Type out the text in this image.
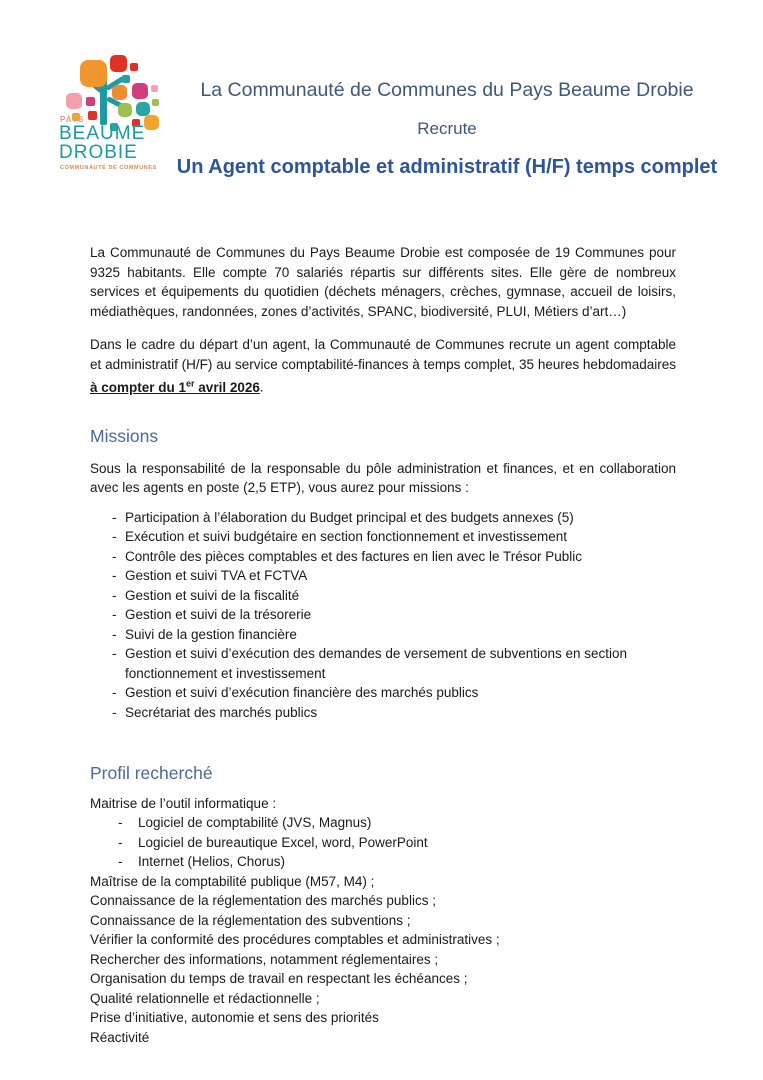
PAYS
BEAUME
DROBIE
COMMUNAUTÉ DE COMMUNES
La Communauté de Communes du Pays Beaume Drobie
Recrute
Un Agent comptable et administratif (H/F) temps complet

La Communauté de Communes du Pays Beaume Drobie est composée de 19 Communes pour 9325 habitants. Elle compte 70 salariés répartis sur différents sites. Elle gère de nombreux services et équipements du quotidien (déchets ménagers, crèches, gymnase, accueil de loisirs, médiathèques, randonnées, zones d’activités, SPANC, biodiversité, PLUI, Métiers d’art…)

Dans le cadre du départ d’un agent, la Communauté de Communes recrute un agent comptable et administratif (H/F) au service comptabilité-finances à temps complet, 35 heures hebdomadaires à compter du 1er avril 2026.

Missions

Sous la responsabilité de la responsable du pôle administration et finances, et en collaboration avec les agents en poste (2,5 ETP), vous aurez pour missions :

- Participation à l’élaboration du Budget principal et des budgets annexes (5)
- Exécution et suivi budgétaire en section fonctionnement et investissement
- Contrôle des pièces comptables et des factures en lien avec le Trésor Public
- Gestion et suivi TVA et FCTVA
- Gestion et suivi de la fiscalité
- Gestion et suivi de la trésorerie
- Suivi de la gestion financière
- Gestion et suivi d’exécution des demandes de versement de subventions en section fonctionnement et investissement
- Gestion et suivi d’exécution financière des marchés publics
- Secrétariat des marchés publics
Profil recherché
Maitrise de l’outil informatique :
- Logiciel de comptabilité (JVS, Magnus)
- Logiciel de bureautique Excel, word, PowerPoint
- Internet (Helios, Chorus)
Maîtrise de la comptabilité publique (M57, M4) ;
Connaissance de la réglementation des marchés publics ;
Connaissance de la réglementation des subventions ;
Vérifier la conformité des procédures comptables et administratives ;
Rechercher des informations, notamment réglementaires ;
Organisation du temps de travail en respectant les échéances ;
Qualité relationnelle et rédactionnelle ;
Prise d’initiative, autonomie et sens des priorités
Réactivité
